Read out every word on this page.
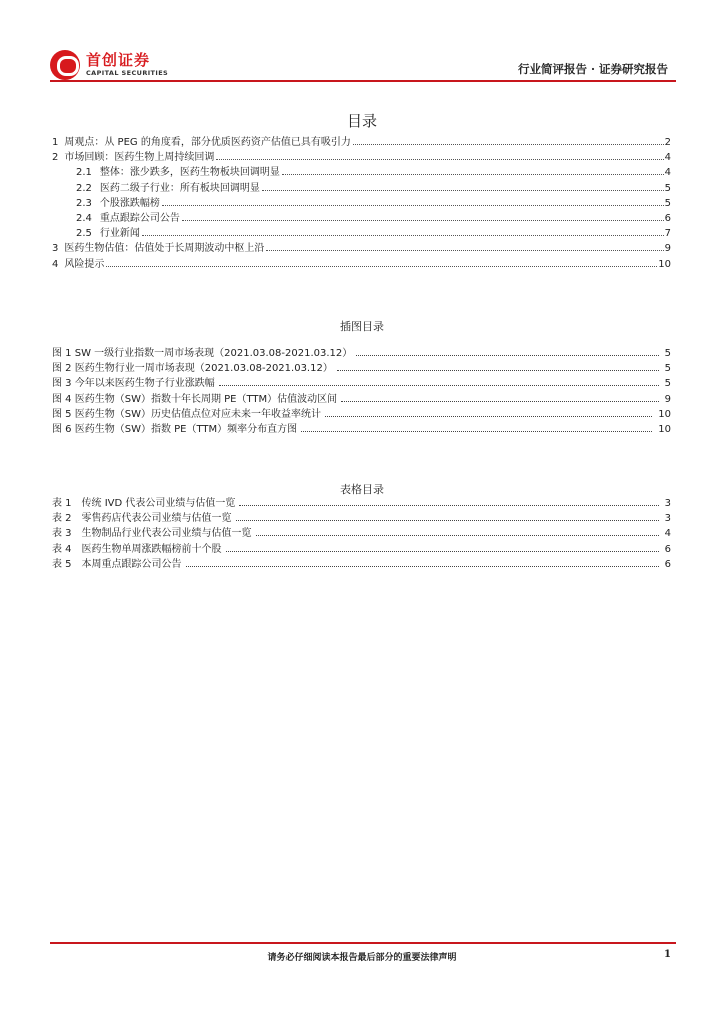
首创证券
CAPITAL SECURITIES	行业简评报告 · 证券研究报告
目录
1 周观点：从 PEG 的角度看，部分优质医药资产估值已具有吸引力	2
2 市场回顾：医药生物上周持续回调	4
2.1 整体：涨少跌多，医药生物板块回调明显	4
2.2 医药二级子行业：所有板块回调明显	5
2.3 个股涨跌幅榜	5
2.4 重点跟踪公司公告	6
2.5 行业新闻	7
3 医药生物估值：估值处于长周期波动中枢上沿	9
4 风险提示	10
插图目录
图 1 SW 一级行业指数一周市场表现（2021.03.08-2021.03.12）	5
图 2 医药生物行业一周市场表现（2021.03.08-2021.03.12）	5
图 3 今年以来医药生物子行业涨跌幅	5
图 4 医药生物（SW）指数十年长周期 PE（TTM）估值波动区间	9
图 5 医药生物（SW）历史估值点位对应未来一年收益率统计	10
图 6 医药生物（SW）指数 PE（TTM）频率分布直方图	10
表格目录
表 1 传统 IVD 代表公司业绩与估值一览	3
表 2 零售药店代表公司业绩与估值一览	3
表 3 生物制品行业代表公司业绩与估值一览	4
表 4 医药生物单周涨跌幅榜前十个股	6
表 5 本周重点跟踪公司公告	6
请务必仔细阅读本报告最后部分的重要法律声明	1
